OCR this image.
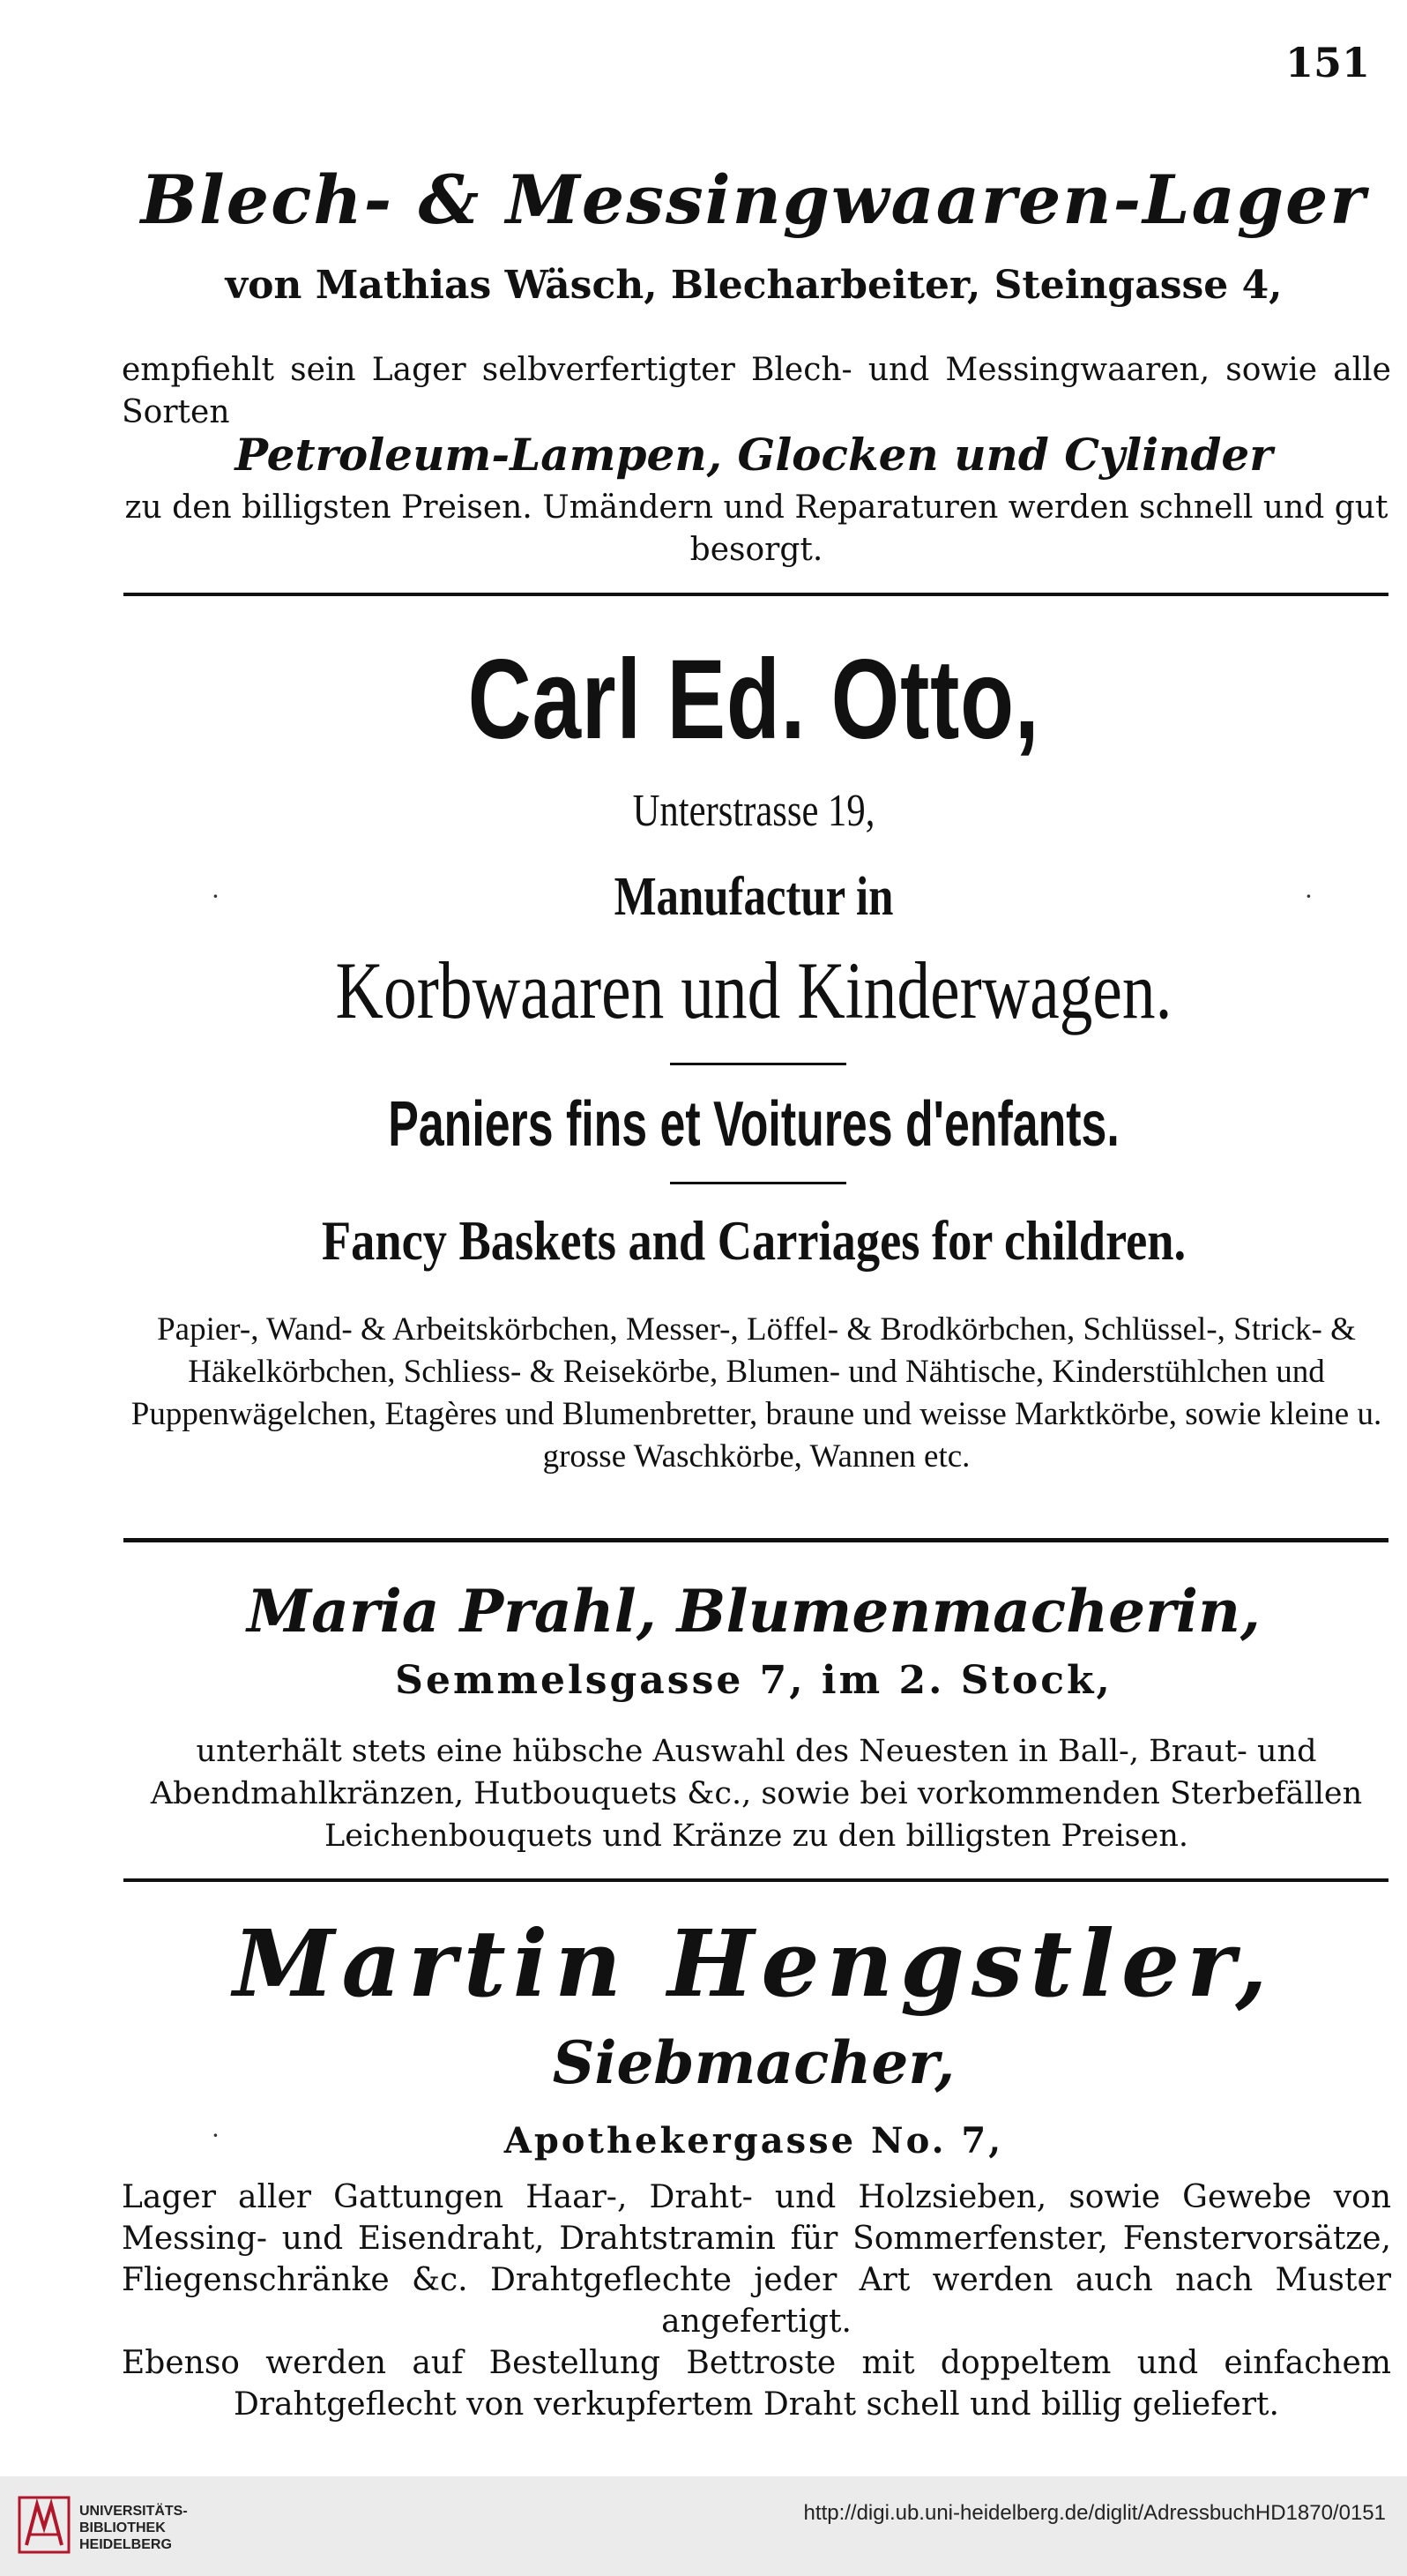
151
Blech- & Messingwaaren-Lager
von Mathias Wäsch, Blecharbeiter, Steingasse 4,
empfiehlt sein Lager selbverfertigter Blech- und Messingwaaren, sowie alle Sorten
Petroleum-Lampen, Glocken und Cylinder
zu den billigsten Preisen. Umändern und Reparaturen werden schnell und gut besorgt.
Carl Ed. Otto,
Unterstrasse 19,
Manufactur in
Korbwaaren und Kinderwagen.
Paniers fins et Voitures d'enfants.
Fancy Baskets and Carriages for children.
Papier-, Wand- & Arbeitskörbchen, Messer-, Löffel- & Brodkörbchen, Schlüssel-, Strick- & Häkelkörbchen, Schliess- & Reisekörbe, Blumen- und Nähtische, Kinderstühlchen und Puppenwägelchen, Etagères und Blumenbretter, braune und weisse Marktkörbe, sowie kleine u. grosse Waschkörbe, Wannen etc.
Maria Prahl, Blumenmacherin,
Semmelsgasse 7, im 2. Stock,
unterhält stets eine hübsche Auswahl des Neuesten in Ball-, Braut- und Abendmahlkränzen, Hutbouquets &c., sowie bei vorkommenden Sterbefällen Leichenbouquets und Kränze zu den billigsten Preisen.
Martin Hengstler,
Siebmacher,
Apothekergasse No. 7,
Lager aller Gattungen Haar-, Draht- und Holzsieben, sowie Gewebe von Messing- und Eisendraht, Drahtstramin für Sommerfenster, Fenstervorsätze, Fliegenschränke &c. Drahtgeflechte jeder Art werden auch nach Muster angefertigt.
Ebenso werden auf Bestellung Bettroste mit doppeltem und einfachem Drahtgeflecht von verkupfertem Draht schell und billig geliefert.
·	·
·
UNIVERSITÄTS-
BIBLIOTHEK
HEIDELBERG
http://digi.ub.uni-heidelberg.de/diglit/AdressbuchHD1870/0151
